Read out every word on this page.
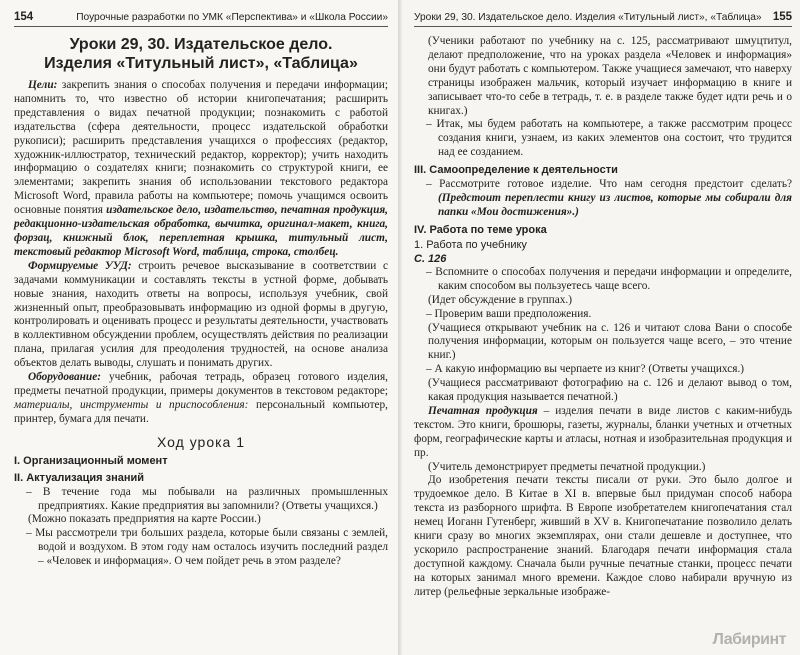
154	Поурочные разработки по УМК «Перспектива» и «Школа России»
Уроки 29, 30. Издательское дело.
Изделия «Титульный лист», «Таблица»

Цели: закрепить знания о способах получения и передачи информации; напомнить то, что известно об истории книгопечатания; расширить представления о видах печатной продукции; познакомить с работой издательства (сфера деятельности, процесс издательской обработки рукописи); расширить представления учащихся о профессиях (редактор, художник-иллюстратор, технический редактор, корректор); учить находить информацию о создателях книги; познакомить со структурой книги, ее элементами; закрепить знания об использовании текстового редактора Microsoft Word, правила работы на компьютере; помочь учащимся освоить основные понятия издательское дело, издательство, печатная продукция, редакционно-издательская обработка, вычитка, оригинал-макет, книга, форзац, книжный блок, переплетная крышка, титульный лист, текстовый редактор Microsoft Word, таблица, строка, столбец.

Формируемые УУД: строить речевое высказывание в соответствии с задачами коммуникации и составлять тексты в устной форме, добывать новые знания, находить ответы на вопросы, используя учебник, свой жизненный опыт, преобразовывать информацию из одной формы в другую, контролировать и оценивать процесс и результаты деятельности, участвовать в коллективном обсуждении проблем, осуществлять действия по реализации плана, прилагая усилия для преодоления трудностей, на основе анализа объектов делать выводы, слушать и понимать других.

Оборудование: учебник, рабочая тетрадь, образец готового изделия, предметы печатной продукции, примеры документов в текстовом редакторе; материалы, инструменты и приспособления: персональный компьютер, принтер, бумага для печати.

Ход урока 1
I. Организационный момент
II. Актуализация знаний

– В течение года мы побывали на различных промышленных предприятиях. Какие предприятия вы запомнили? (Ответы учащихся.)

(Можно показать предприятия на карте России.)

– Мы рассмотрели три больших раздела, которые были связаны с землей, водой и воздухом. В этом году нам осталось изучить последний раздел – «Человек и информация». О чем пойдет речь в этом разделе?

Уроки 29, 30. Издательское дело. Изделия «Титульный лист», «Таблица» 155

(Ученики работают по учебнику на с. 125, рассматривают шмуцтитул, делают предположение, что на уроках раздела «Человек и информация» они будут работать с компьютером. Также учащиеся замечают, что наверху страницы изображен мальчик, который изучает информацию в книге и записывает что-то себе в тетрадь, т. е. в разделе также будет идти речь и о книгах.)

– Итак, мы будем работать на компьютере, а также рассмотрим процесс создания книги, узнаем, из каких элементов она состоит, что трудится над ее созданием.

III. Самоопределение к деятельности

– Рассмотрите готовое изделие. Что нам сегодня предстоит сделать? (Предстоит переплести книгу из листов, которые мы собирали для папки «Мои достижения».)

IV. Работа по теме урока
1. Работа по учебнику
С. 126

– Вспомните о способах получения и передачи информации и определите, каким способом вы пользуетесь чаще всего.

(Идет обсуждение в группах.)

– Проверим ваши предположения.

(Учащиеся открывают учебник на с. 126 и читают слова Вани о способе получения информации, которым он пользуется чаще всего, – это чтение книг.)

– А какую информацию вы черпаете из книг? (Ответы учащихся.)

(Учащиеся рассматривают фотографию на с. 126 и делают вывод о том, какая продукция называется печатной.)

Печатная продукция – изделия печати в виде листов с каким-нибудь текстом. Это книги, брошюры, газеты, журналы, бланки учетных и отчетных форм, географические карты и атласы, нотная и изобразительная продукция и пр.

(Учитель демонстрирует предметы печатной продукции.)

До изобретения печати тексты писали от руки. Это было долгое и трудоемкое дело. В Китае в XI в. впервые был придуман способ набора текста из разборного шрифта. В Европе изобретателем книгопечатания стал немец Иоганн Гутенберг, живший в XV в. Книгопечатание позволило делать книги сразу во многих экземплярах, они стали дешевле и доступнее, что ускорило распространение знаний. Благодаря печати информация стала доступной каждому. Сначала были ручные печатные станки, процесс печати на которых занимал много времени. Каждое слово набирали вручную из литер (рельефные зеркальные изображе-

Лабиринт
